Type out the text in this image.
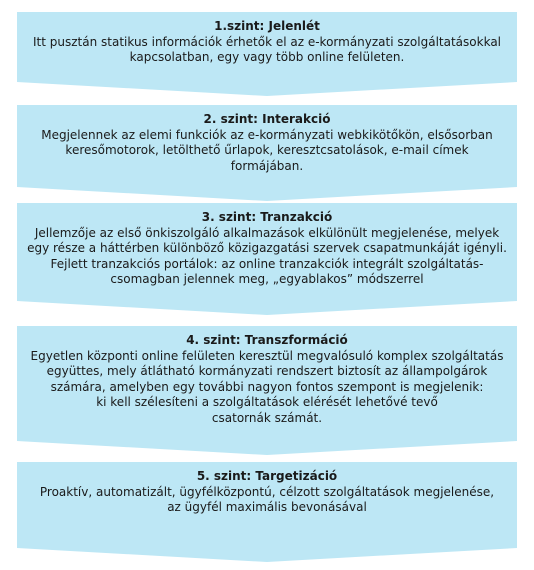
1.szint: Jelenlét
Itt pusztán statikus információk érhetők el az e-kormányzati szolgáltatásokkal
kapcsolatban, egy vagy több online felületen.
2. szint: Interakció
Megjelennek az elemi funkciók az e-kormányzati webkikötőkön, elsősorban
keresőmotorok, letölthető űrlapok, keresztcsatolások, e-mail címek
formájában.
3. szint: Tranzakció
Jellemzője az első önkiszolgáló alkalmazások elkülönült megjelenése, melyek
egy része a háttérben különböző közigazgatási szervek csapatmunkáját igényli.
Fejlett tranzakciós portálok: az online tranzakciók integrált szolgáltatás-
csomagban jelennek meg, „egyablakos” módszerrel
4. szint: Transzformáció
Egyetlen központi online felületen keresztül megvalósuló komplex szolgáltatás
együttes, mely átlátható kormányzati rendszert biztosít az állampolgárok
számára, amelyben egy további nagyon fontos szempont is megjelenik:
ki kell szélesíteni a szolgáltatások elérését lehetővé tevő
csatornák számát.
5. szint: Targetizáció
Proaktív, automatizált, ügyfélközpontú, célzott szolgáltatások megjelenése,
az ügyfél maximális bevonásával
